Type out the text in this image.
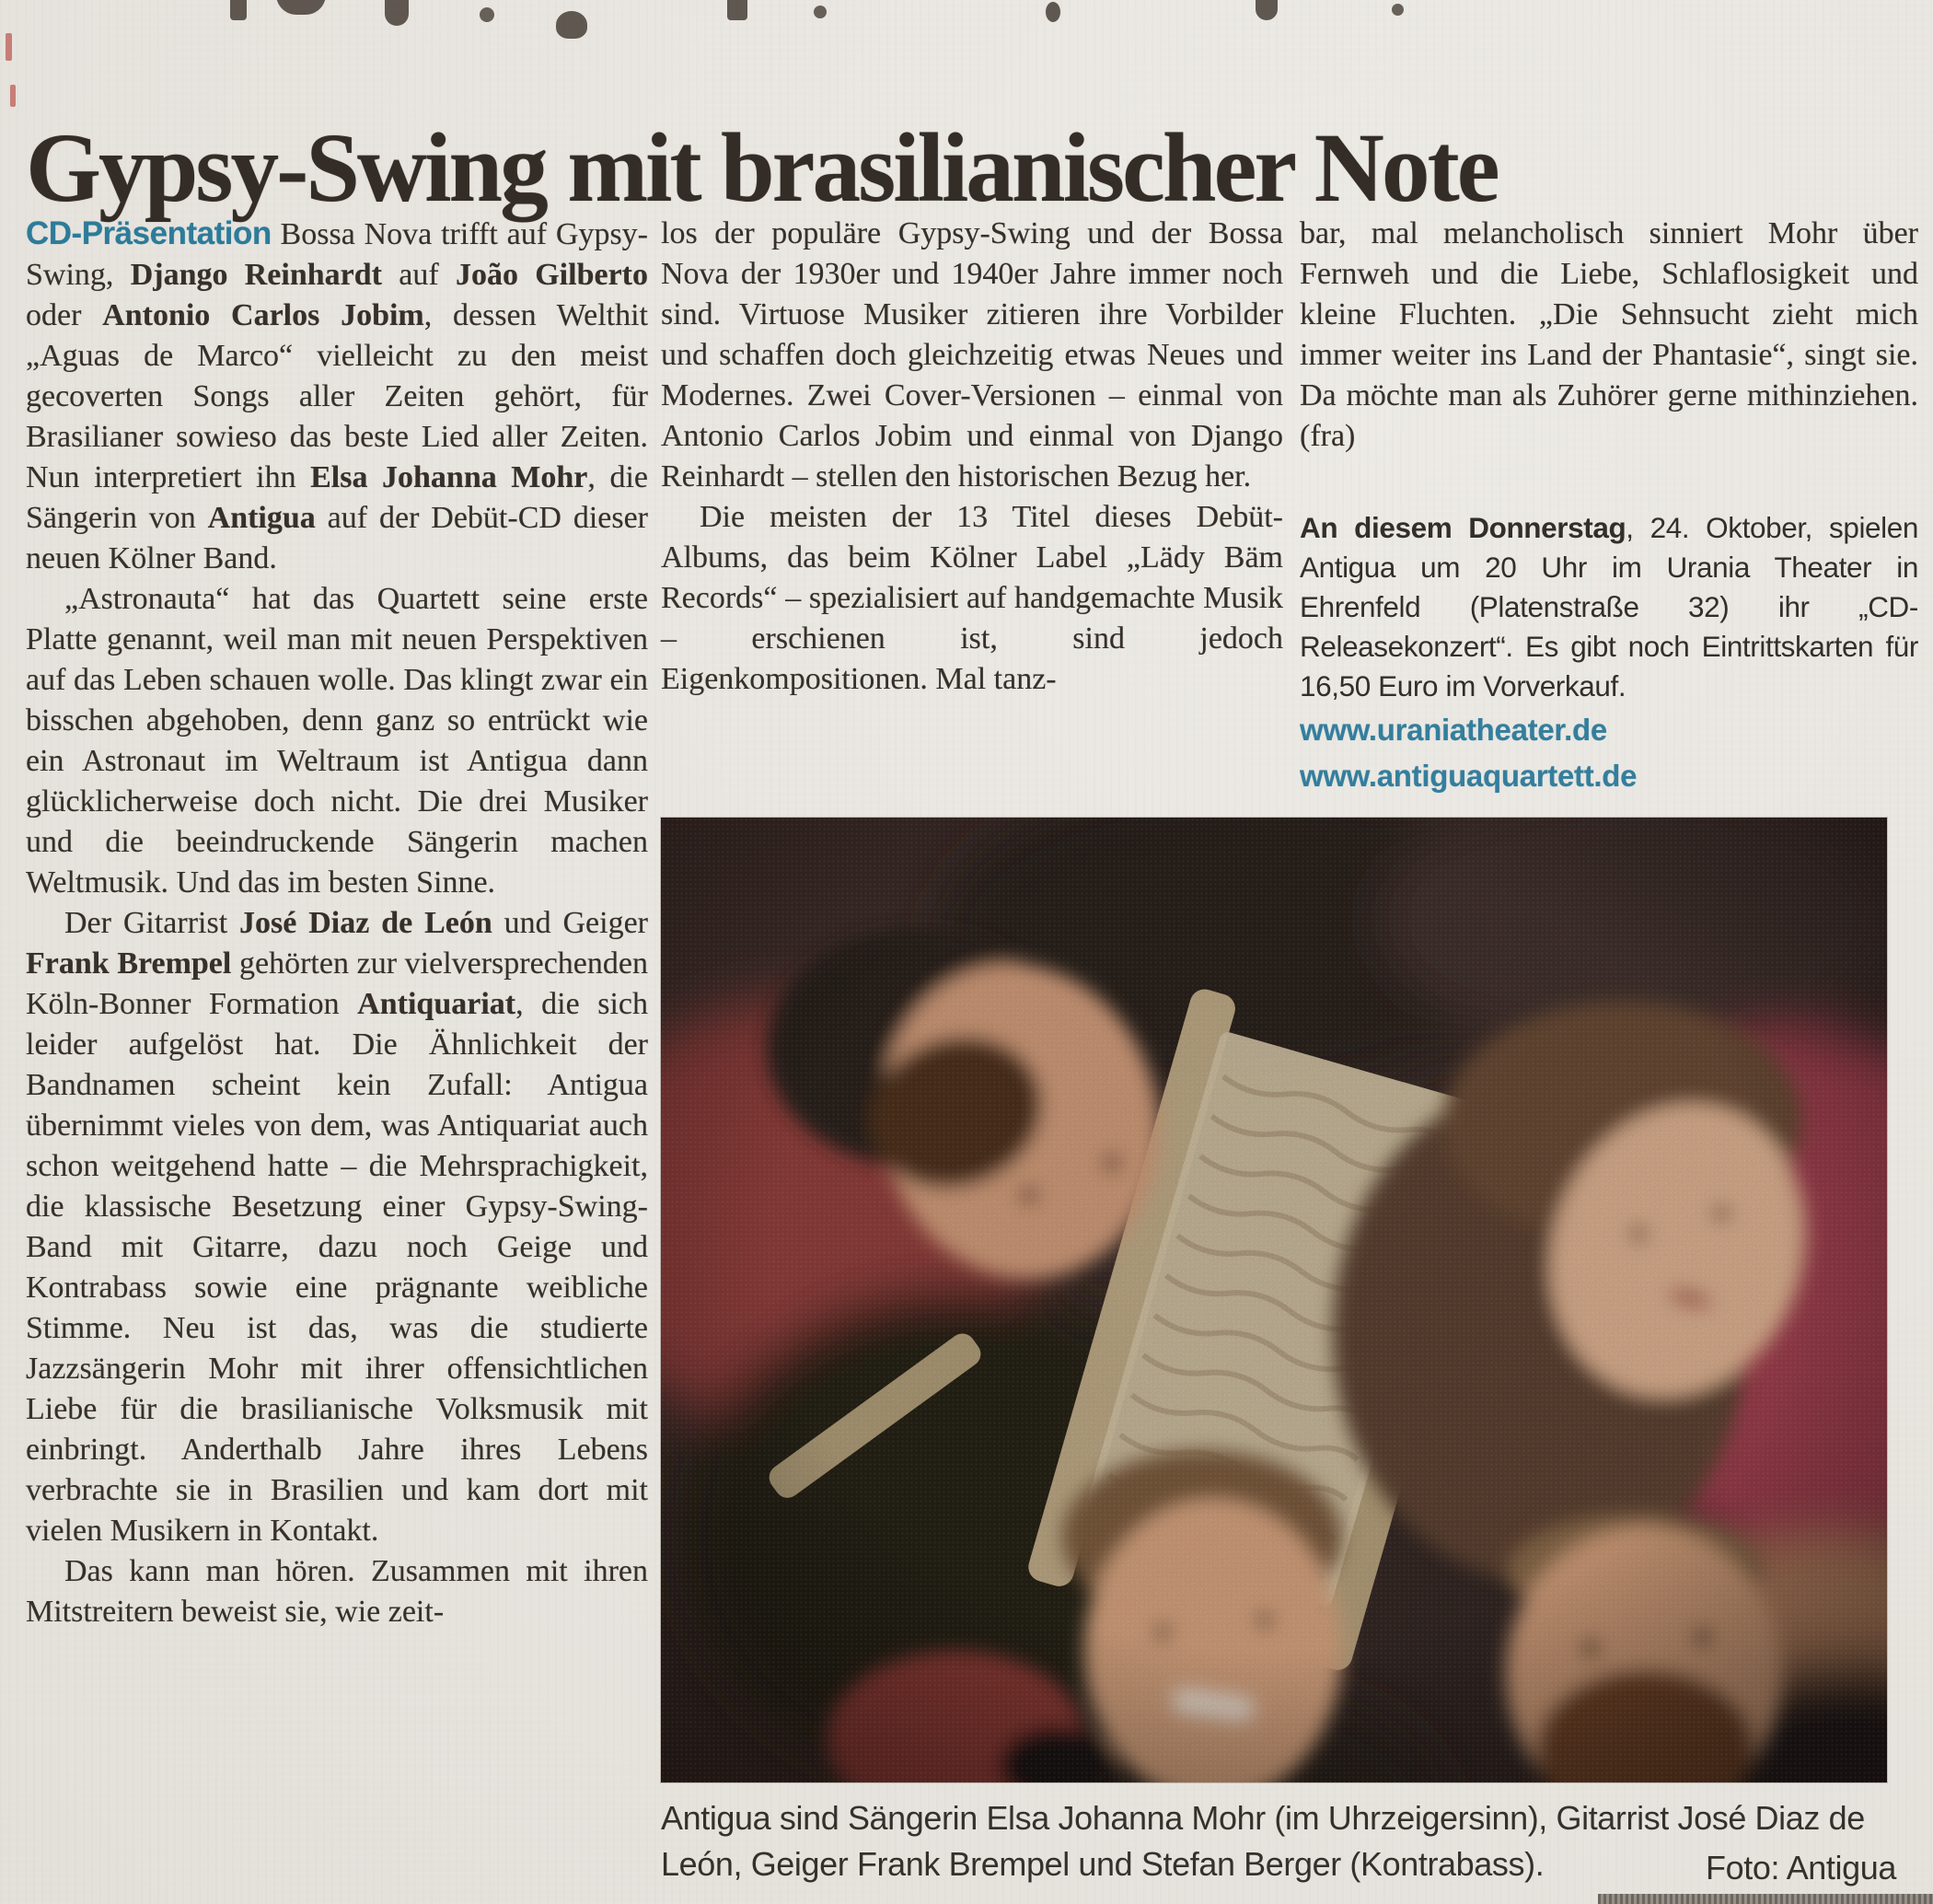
Gypsy-Swing mit brasilianischer Note

CD-Präsentation Bossa Nova trifft auf Gypsy-Swing, Django Reinhardt auf João Gilberto oder Antonio Carlos Jobim, dessen Welthit „Aguas de Marco“ vielleicht zu den meist gecoverten Songs aller Zeiten gehört, für Brasilianer sowieso das beste Lied aller Zeiten. Nun interpretiert ihn Elsa Johanna Mohr, die Sängerin von Antigua auf der Debüt-CD dieser neuen Kölner Band.

„Astronauta“ hat das Quartett seine erste Platte genannt, weil man mit neuen Perspektiven auf das Leben schauen wolle. Das klingt zwar ein bisschen abgehoben, denn ganz so entrückt wie ein Astronaut im Weltraum ist Antigua dann glücklicherweise doch nicht. Die drei Musiker und die beeindruckende Sängerin machen Weltmusik. Und das im besten Sinne.

Der Gitarrist José Diaz de León und Geiger Frank Brempel gehörten zur vielversprechenden Köln-Bonner Formation Antiquariat, die sich leider aufgelöst hat. Die Ähnlichkeit der Bandnamen scheint kein Zufall: Antigua übernimmt vieles von dem, was Antiquariat auch schon weitgehend hatte – die Mehrsprachigkeit, die klassische Besetzung einer Gypsy-Swing-Band mit Gitarre, dazu noch Geige und Kontrabass sowie eine prägnante weibliche Stimme. Neu ist das, was die studierte Jazzsängerin Mohr mit ihrer offensichtlichen Liebe für die brasilianische Volksmusik mit einbringt. Anderthalb Jahre ihres Lebens verbrachte sie in Brasilien und kam dort mit vielen Musikern in Kontakt.

Das kann man hören. Zusammen mit ihren Mitstreitern beweist sie, wie zeit-

los der populäre Gypsy-Swing und der Bossa Nova der 1930er und 1940er Jahre immer noch sind. Virtuose Musiker zitieren ihre Vorbilder und schaffen doch gleichzeitig etwas Neues und Modernes. Zwei Cover-Versionen – einmal von Antonio Carlos Jobim und einmal von Django Reinhardt – stellen den historischen Bezug her.

Die meisten der 13 Titel dieses Debüt-Albums, das beim Kölner Label „Lädy Bäm Records“ – spezialisiert auf handgemachte Musik – erschienen ist, sind jedoch Eigenkompositionen. Mal tanz-

bar, mal melancholisch sinniert Mohr über Fernweh und die Liebe, Schlaflosigkeit und kleine Fluchten. „Die Sehnsucht zieht mich immer weiter ins Land der Phantasie“, singt sie. Da möchte man als Zuhörer gerne mithinziehen. (fra)

An diesem Donnerstag, 24. Oktober, spielen Antigua um 20 Uhr im Urania Theater in Ehrenfeld (Platenstraße 32) ihr „CD-Releasekonzert“. Es gibt noch Eintrittskarten für 16,50 Euro im Vorverkauf.

www.uraniatheater.de

www.antiguaquartett.de

Antigua sind Sängerin Elsa Johanna Mohr (im Uhrzeigersinn), Gitarrist José Diaz de León, Geiger Frank Brempel und Stefan Berger (Kontrabass).	Foto: Antigua
